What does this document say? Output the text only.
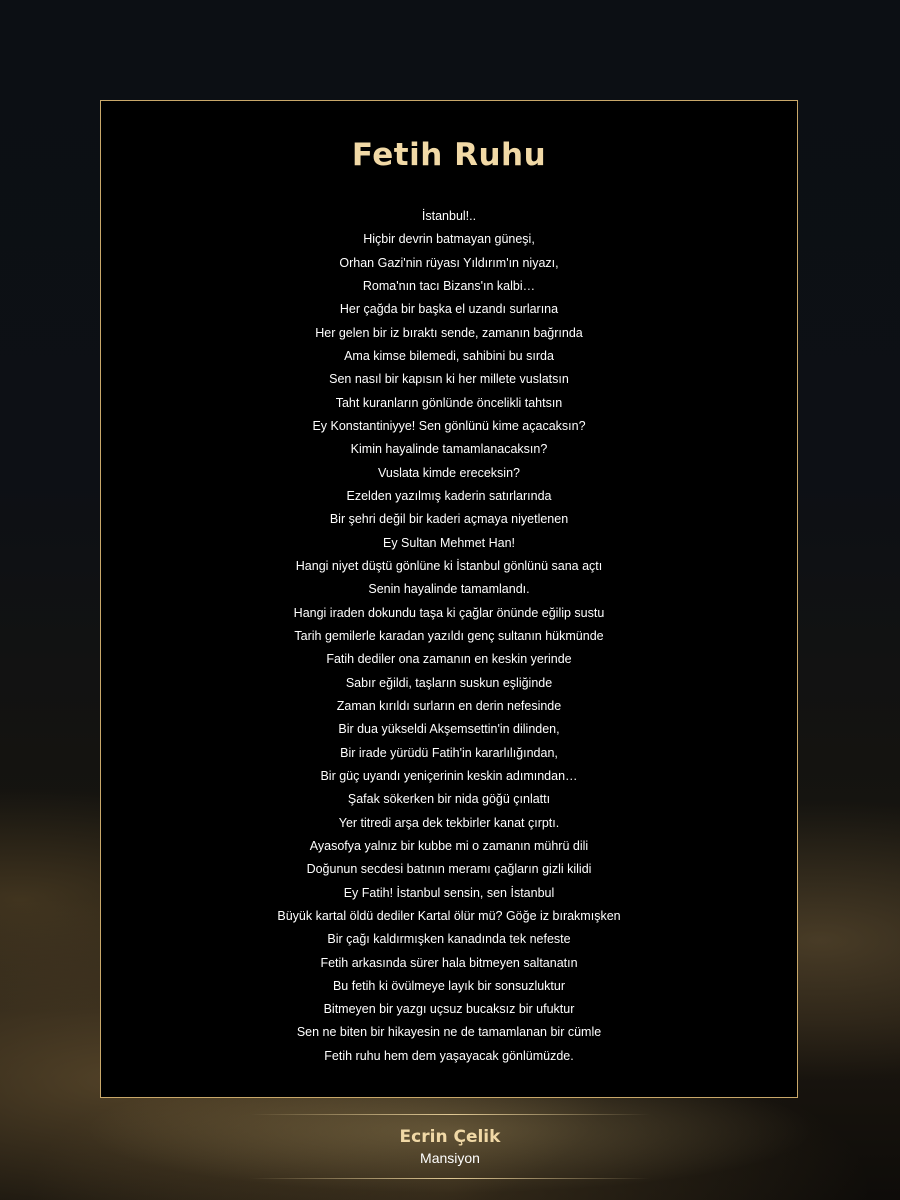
Fetih Ruhu
İstanbul!..
Hiçbir devrin batmayan güneşi,
Orhan Gazi'nin rüyası Yıldırım'ın niyazı,
Roma'nın tacı Bizans'ın kalbi…
Her çağda bir başka el uzandı surlarına
Her gelen bir iz bıraktı sende, zamanın bağrında
Ama kimse bilemedi, sahibini bu sırda
Sen nasıl bir kapısın ki her millete vuslatsın
Taht kuranların gönlünde öncelikli tahtsın
Ey Konstantiniyye! Sen gönlünü kime açacaksın?
Kimin hayalinde tamamlanacaksın?
Vuslata kimde ereceksin?
Ezelden yazılmış kaderin satırlarında
Bir şehri değil bir kaderi açmaya niyetlenen
Ey Sultan Mehmet Han!
Hangi niyet düştü gönlüne ki İstanbul gönlünü sana açtı
Senin hayalinde tamamlandı.
Hangi iraden dokundu taşa ki çağlar önünde eğilip sustu
Tarih gemilerle karadan yazıldı genç sultanın hükmünde
Fatih dediler ona zamanın en keskin yerinde
Sabır eğildi, taşların suskun eşliğinde
Zaman kırıldı surların en derin nefesinde
Bir dua yükseldi Akşemsettin'in dilinden,
Bir irade yürüdü Fatih'in kararlılığından,
Bir güç uyandı yeniçerinin keskin adımından…
Şafak sökerken bir nida göğü çınlattı
Yer titredi arşa dek tekbirler kanat çırptı.
Ayasofya yalnız bir kubbe mi o zamanın mührü dili
Doğunun secdesi batının meramı çağların gizli kilidi
Ey Fatih! İstanbul sensin, sen İstanbul
Büyük kartal öldü dediler Kartal ölür mü? Göğe iz bırakmışken
Bir çağı kaldırmışken kanadında tek nefeste
Fetih arkasında sürer hala bitmeyen saltanatın
Bu fetih ki övülmeye layık bir sonsuzluktur
Bitmeyen bir yazgı uçsuz bucaksız bir ufuktur
Sen ne biten bir hikayesin ne de tamamlanan bir cümle
Fetih ruhu hem dem yaşayacak gönlümüzde.
Ecrin Çelik
Mansiyon
